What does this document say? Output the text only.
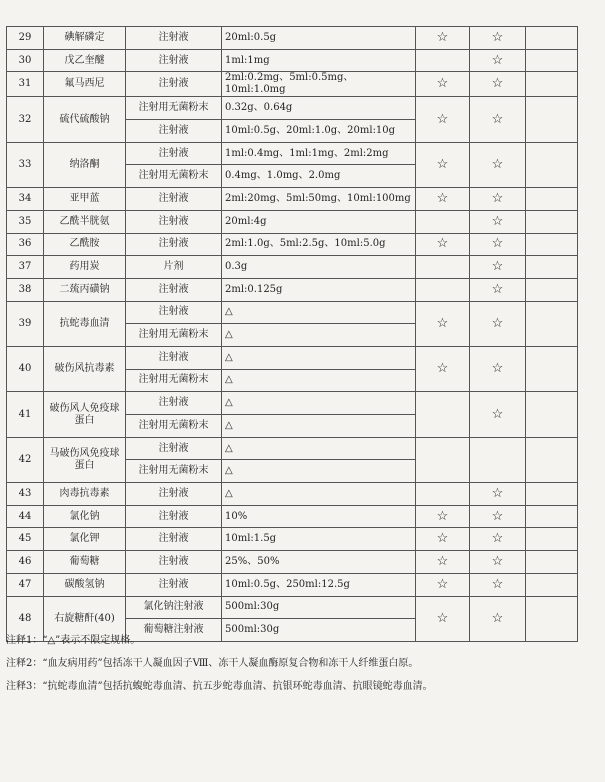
29	碘解磷定	注射液	20ml:0.5g	☆	☆	
30	戊乙奎醚	注射液	1ml:1mg		☆	
31	氟马西尼	注射液	2ml:0.2mg、5ml:0.5mg、10ml:1.0mg	☆	☆	
32	硫代硫酸钠	注射用无菌粉末	0.32g、0.64g	☆	☆	
		注射液	10ml:0.5g、20ml:1.0g、20ml:10g			
33	纳洛酮	注射液	1ml:0.4mg、1ml:1mg、2ml:2mg	☆	☆	
		注射用无菌粉末	0.4mg、1.0mg、2.0mg			
34	亚甲蓝	注射液	2ml:20mg、5ml:50mg、10ml:100mg	☆	☆	
35	乙酰半胱氨	注射液	20ml:4g		☆	
36	乙酰胺	注射液	2ml:1.0g、5ml:2.5g、10ml:5.0g	☆	☆	
37	药用炭	片剂	0.3g		☆	
38	二巯丙磺钠	注射液	2ml:0.125g		☆	
39	抗蛇毒血清	注射液	△	☆	☆	
		注射用无菌粉末	△			
40	破伤风抗毒素	注射液	△	☆	☆	
		注射用无菌粉末	△			
41	破伤风人免疫球蛋白	注射液	△		☆	
		注射用无菌粉末	△			
42	马破伤风免疫球蛋白	注射液	△			
		注射用无菌粉末	△			
43	肉毒抗毒素	注射液	△		☆	
44	氯化钠	注射液	10%	☆	☆	
45	氯化钾	注射液	10ml:1.5g	☆	☆	
46	葡萄糖	注射液	25%、50%	☆	☆	
47	碳酸氢钠	注射液	10ml:0.5g、250ml:12.5g	☆	☆	
48	右旋糖酐(40)	氯化钠注射液	500ml:30g	☆	☆	
		葡萄糖注射液	500ml:30g			
注释1：“△”表示不限定规格。
注释2：“血友病用药”包括冻干人凝血因子Ⅷ、冻干人凝血酶原复合物和冻干人纤维蛋白原。
注释3：“抗蛇毒血清”包括抗蝮蛇毒血清、抗五步蛇毒血清、抗银环蛇毒血清、抗眼镜蛇毒血清。
